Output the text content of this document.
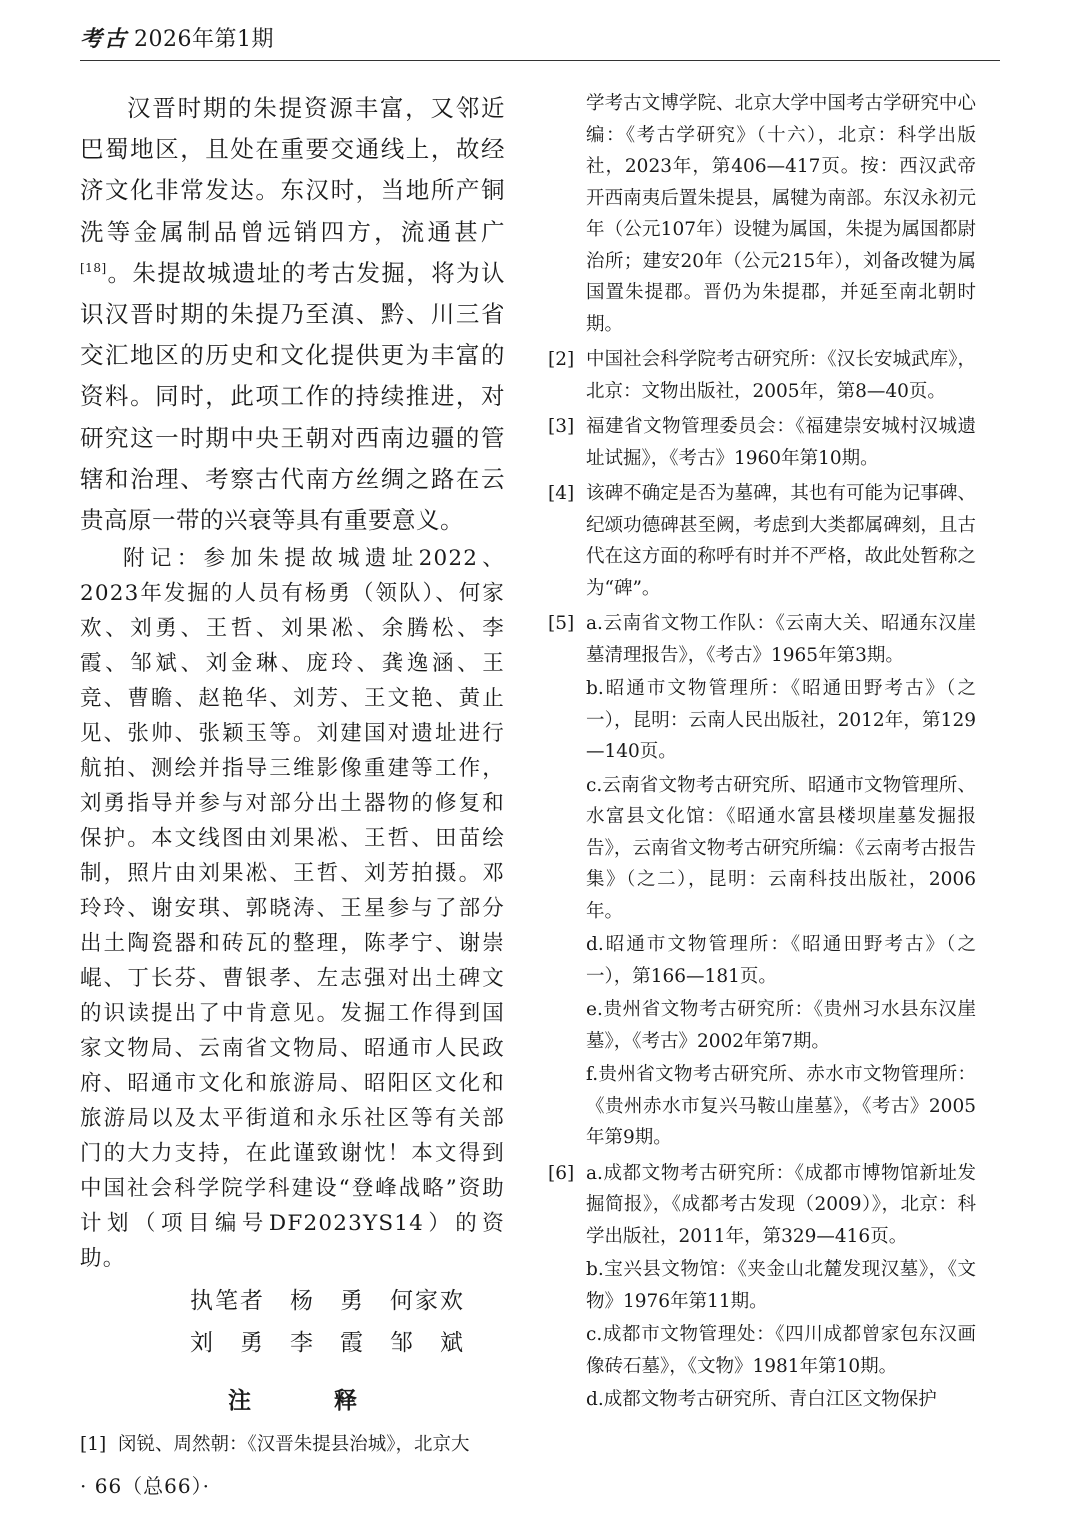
考古 2026年第1期

汉晋时期的朱提资源丰富，又邻近巴蜀地区，且处在重要交通线上，故经济文化非常发达。东汉时，当地所产铜洗等金属制品曾远销四方，流通甚广[18]。朱提故城遗址的考古发掘，将为认识汉晋时期的朱提乃至滇、黔、川三省交汇地区的历史和文化提供更为丰富的资料。同时，此项工作的持续推进，对研究这一时期中央王朝对西南边疆的管辖和治理、考察古代南方丝绸之路在云贵高原一带的兴衰等具有重要意义。

附记：参加朱提故城遗址2022、2023年发掘的人员有杨勇（领队）、何家欢、刘勇、王哲、刘果凇、余腾松、李霞、邹斌、刘金琳、庞玲、龚逸涵、王竞、曹瞻、赵艳华、刘芳、王文艳、黄止见、张帅、张颖玉等。刘建国对遗址进行航拍、测绘并指导三维影像重建等工作，刘勇指导并参与对部分出土器物的修复和保护。本文线图由刘果凇、王哲、田苗绘制，照片由刘果凇、王哲、刘芳拍摄。邓玲玲、谢安琪、郭晓涛、王星参与了部分出土陶瓷器和砖瓦的整理，陈孝宁、谢崇崐、丁长芬、曹银孝、左志强对出土碑文的识读提出了中肯意见。发掘工作得到国家文物局、云南省文物局、昭通市人民政府、昭通市文化和旅游局、昭阳区文化和旅游局以及太平街道和永乐社区等有关部门的大力支持，在此谨致谢忱！本文得到中国社会科学院学科建设“登峰战略”资助计划（项目编号DF2023YS14）的资助。

执笔者　杨　勇　何家欢
刘　勇　李　霞　邹　斌
注　释
[1] 闵锐、周然朝：《汉晋朱提县治城》，北京大
学考古文博学院、北京大学中国考古学研究中心编：《考古学研究》（十六），北京：科学出版社，2023年，第406—417页。按：西汉武帝开西南夷后置朱提县，属犍为南部。东汉永初元年（公元107年）设犍为属国，朱提为属国都尉治所；建安20年（公元215年），刘备改犍为属国置朱提郡。晋仍为朱提郡，并延至南北朝时期。
[2] 中国社会科学院考古研究所：《汉长安城武库》，北京：文物出版社，2005年，第8—40页。

[3] 福建省文物管理委员会：《福建崇安城村汉城遗址试掘》，《考古》1960年第10期。

[4] 该碑不确定是否为墓碑，其也有可能为记事碑、纪颂功德碑甚至阙，考虑到大类都属碑刻，且古代在这方面的称呼有时并不严格，故此处暂称之为“碑”。

[5] a.云南省文物工作队：《云南大关、昭通东汉崖墓清理报告》，《考古》1965年第3期。

b.昭通市文物管理所：《昭通田野考古》（之一），昆明：云南人民出版社，2012年，第129—140页。

c.云南省文物考古研究所、昭通市文物管理所、水富县文化馆：《昭通水富县楼坝崖墓发掘报告》，云南省文物考古研究所编：《云南考古报告集》（之二），昆明：云南科技出版社，2006年。

d.昭通市文物管理所：《昭通田野考古》（之一），第166—181页。

e.贵州省文物考古研究所：《贵州习水县东汉崖墓》，《考古》2002年第7期。

f.贵州省文物考古研究所、赤水市文物管理所：《贵州赤水市复兴马鞍山崖墓》，《考古》2005年第9期。

[6] a.成都文物考古研究所：《成都市博物馆新址发掘简报》，《成都考古发现（2009）》，北京：科学出版社，2011年，第329—416页。

b.宝兴县文物馆：《夹金山北麓发现汉墓》，《文物》1976年第11期。

c.成都市文物管理处：《四川成都曾家包东汉画像砖石墓》，《文物》1981年第10期。

d.成都文物考古研究所、青白江区文物保护

· 66（总66）·
